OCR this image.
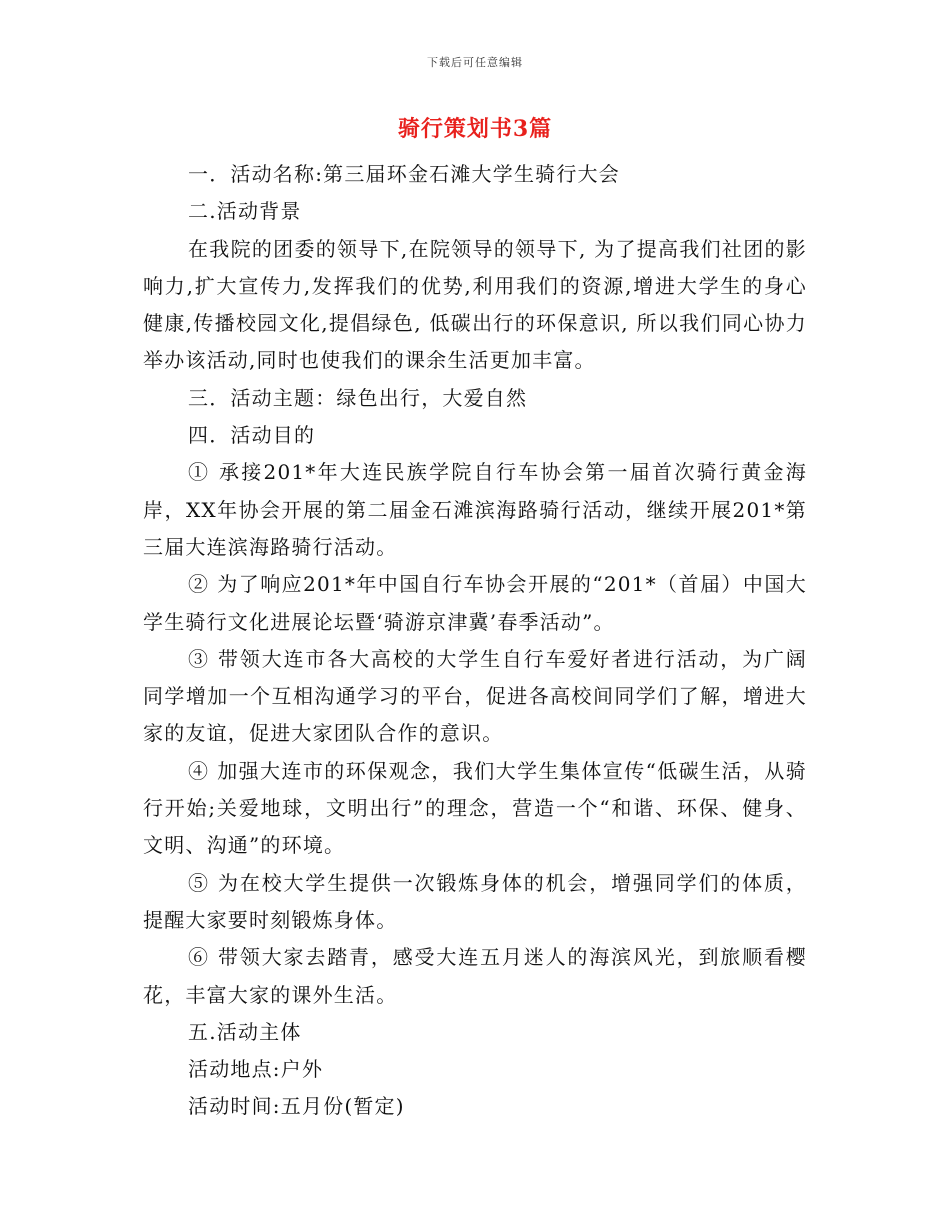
下载后可任意编辑
骑行策划书3篇

一．活动名称:第三届环金石滩大学生骑行大会

二.活动背景

在我院的团委的领导下,在院领导的领导下, 为了提高我们社团的影响力,扩大宣传力,发挥我们的优势,利用我们的资源,增进大学生的身心健康,传播校园文化,提倡绿色, 低碳出行的环保意识, 所以我们同心协力举办该活动,同时也使我们的课余生活更加丰富。

三．活动主题：绿色出行，大爱自然

四．活动目的

① 承接201*年大连民族学院自行车协会第一届首次骑行黄金海岸，XX年协会开展的第二届金石滩滨海路骑行活动，继续开展201*第三届大连滨海路骑行活动。

② 为了响应201*年中国自行车协会开展的“201*（首届）中国大学生骑行文化进展论坛暨‘骑游京津冀’春季活动”。

③ 带领大连市各大高校的大学生自行车爱好者进行活动，为广阔同学增加一个互相沟通学习的平台，促进各高校间同学们了解，增进大家的友谊，促进大家团队合作的意识。

④ 加强大连市的环保观念，我们大学生集体宣传“低碳生活，从骑行开始;关爱地球，文明出行”的理念，营造一个“和谐、环保、健身、文明、沟通”的环境。

⑤ 为在校大学生提供一次锻炼身体的机会，增强同学们的体质，提醒大家要时刻锻炼身体。

⑥ 带领大家去踏青，感受大连五月迷人的海滨风光，到旅顺看樱花，丰富大家的课外生活。

五.活动主体

活动地点:户外

活动时间:五月份(暂定)
